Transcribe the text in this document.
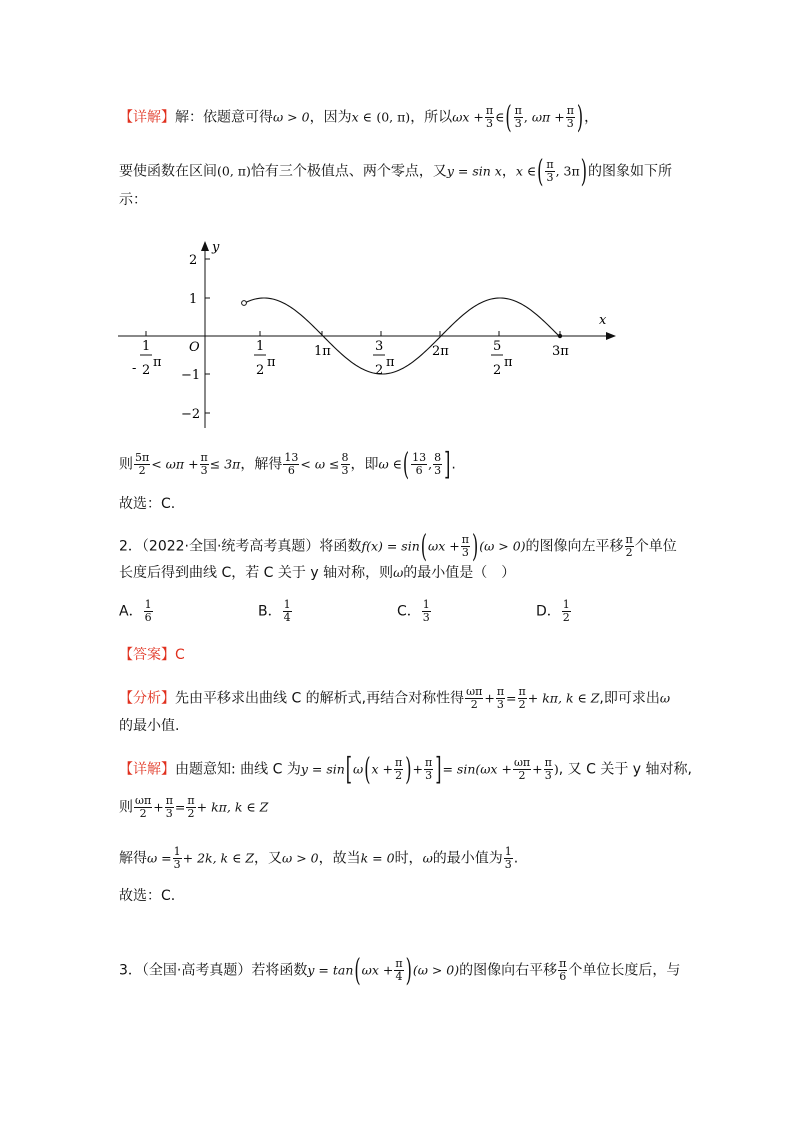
【详解】解：依题意可得ω > 0，因为x ∈ (0, π)，所以$\omega x + \frac{\pi}{3}$ ∈( $\frac{\pi}{3}$ , $\omega\pi + \frac{\pi}{3}$ )，
要使函数在区间(0, π)恰有三个极值点、两个零点，又y = sin x，x ∈( $\frac{\pi}{3}$ , 3π)的图象如下所
示：
y
x
O
2
1
−1
−2
1
- 2
π
1
2
π
1π	3
2
π
2π	5
2
π
3π
则 $\frac{5\pi}{2} < \omega\pi + \frac{\pi}{3} \le 3\pi$，解得 $\frac{13}{6} < \omega \le \frac{8}{3}$ ，即ω ∈( $\frac{13}{6}$ , $\frac{8}{3}$ ].
故选：C.
2．（2022·全国·统考高考真题）将函数$f(x) = \sin(\omega x + \frac{\pi}{3} )(\omega > 0)$的图像向左平移 $\frac{\pi}{2}$ 个单位
长度后得到曲线 C，若 C 关于 y 轴对称，则ω的最小值是（　）
A． $\frac{1}{6}$	B． $\frac{1}{4}$	C． $\frac{1}{3}$	D． $\frac{1}{2}$
【答案】C
【分析】先由平移求出曲线 C 的解析式,再结合对称性得 $\frac{\omega\pi}{2} + \frac{\pi}{3} = \frac{\pi}{2} + k\pi$, k ∈ Z,即可求出ω
的最小值.
【详解】由题意知: 曲线 C 为$y = \sin[\omega(x + \frac{\pi}{2}$ )+ $\frac{\pi}{3}$ ]= $\sin(\omega x + \frac{\omega\pi}{2} + \frac{\pi}{3}$ ), 又 C 关于 y 轴对称,
则 $\frac{\omega\pi}{2} + \frac{\pi}{3} = \frac{\pi}{2} + k\pi$, k ∈ Z
解得$\omega = \frac{1}{3} + 2k$, k ∈ Z，又ω > 0，故当k = 0时，ω的最小值为 $\frac{1}{3}$ .
故选：C.
3．（全国·高考真题）若将函数$y = \tan(\omega x + \frac{\pi}{4} )(\omega > 0)$的图像向右平移 $\frac{\pi}{6}$ 个单位长度后，与
